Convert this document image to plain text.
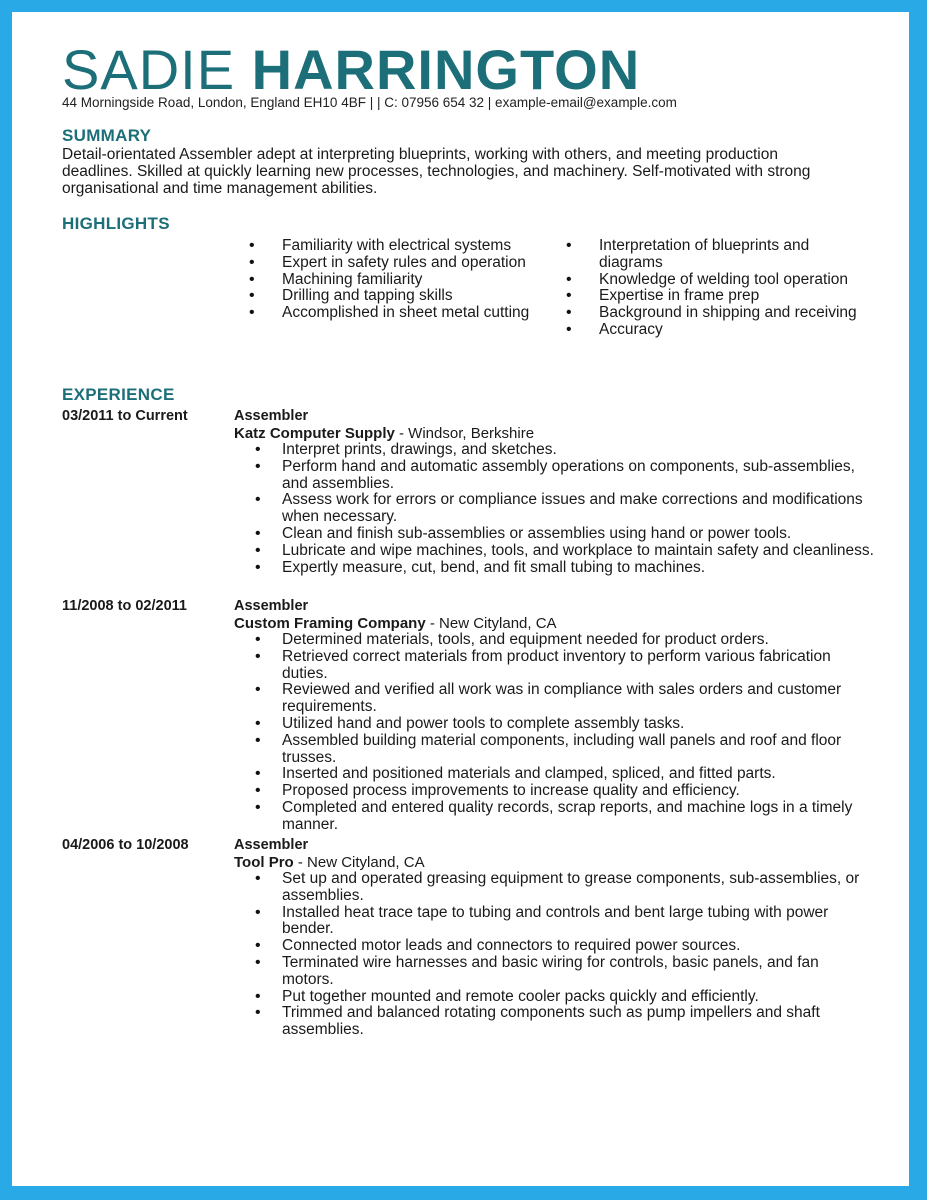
SADIE HARRINGTON
44 Morningside Road, London, England EH10 4BF | | C: 07956 654 32 | example-email@example.com
SUMMARY
Detail-orientated Assembler adept at interpreting blueprints, working with others, and meeting production deadlines. Skilled at quickly learning new processes, technologies, and machinery. Self-motivated with strong organisational and time management abilities.
HIGHLIGHTS
• Familiarity with electrical systems
• Expert in safety rules and operation
• Machining familiarity
• Drilling and tapping skills
• Accomplished in sheet metal cutting
• Interpretation of blueprints and diagrams
• Knowledge of welding tool operation
• Expertise in frame prep
• Background in shipping and receiving
• Accuracy
EXPERIENCE
03/2011 to Current	Assembler
Katz Computer Supply - Windsor, Berkshire
• Interpret prints, drawings, and sketches.
• Perform hand and automatic assembly operations on components, sub-assemblies, and assemblies.
• Assess work for errors or compliance issues and make corrections and modifications when necessary.
• Clean and finish sub-assemblies or assemblies using hand or power tools.
• Lubricate and wipe machines, tools, and workplace to maintain safety and cleanliness.
• Expertly measure, cut, bend, and fit small tubing to machines.
11/2008 to 02/2011	Assembler
Custom Framing Company - New Cityland, CA
• Determined materials, tools, and equipment needed for product orders.
• Retrieved correct materials from product inventory to perform various fabrication duties.
• Reviewed and verified all work was in compliance with sales orders and customer requirements.
• Utilized hand and power tools to complete assembly tasks.
• Assembled building material components, including wall panels and roof and floor trusses.
• Inserted and positioned materials and clamped, spliced, and fitted parts.
• Proposed process improvements to increase quality and efficiency.
• Completed and entered quality records, scrap reports, and machine logs in a timely manner.
04/2006 to 10/2008	Assembler
Tool Pro - New Cityland, CA
• Set up and operated greasing equipment to grease components, sub-assemblies, or assemblies.
• Installed heat trace tape to tubing and controls and bent large tubing with power bender.
• Connected motor leads and connectors to required power sources.
• Terminated wire harnesses and basic wiring for controls, basic panels, and fan motors.
• Put together mounted and remote cooler packs quickly and efficiently.
• Trimmed and balanced rotating components such as pump impellers and shaft assemblies.
